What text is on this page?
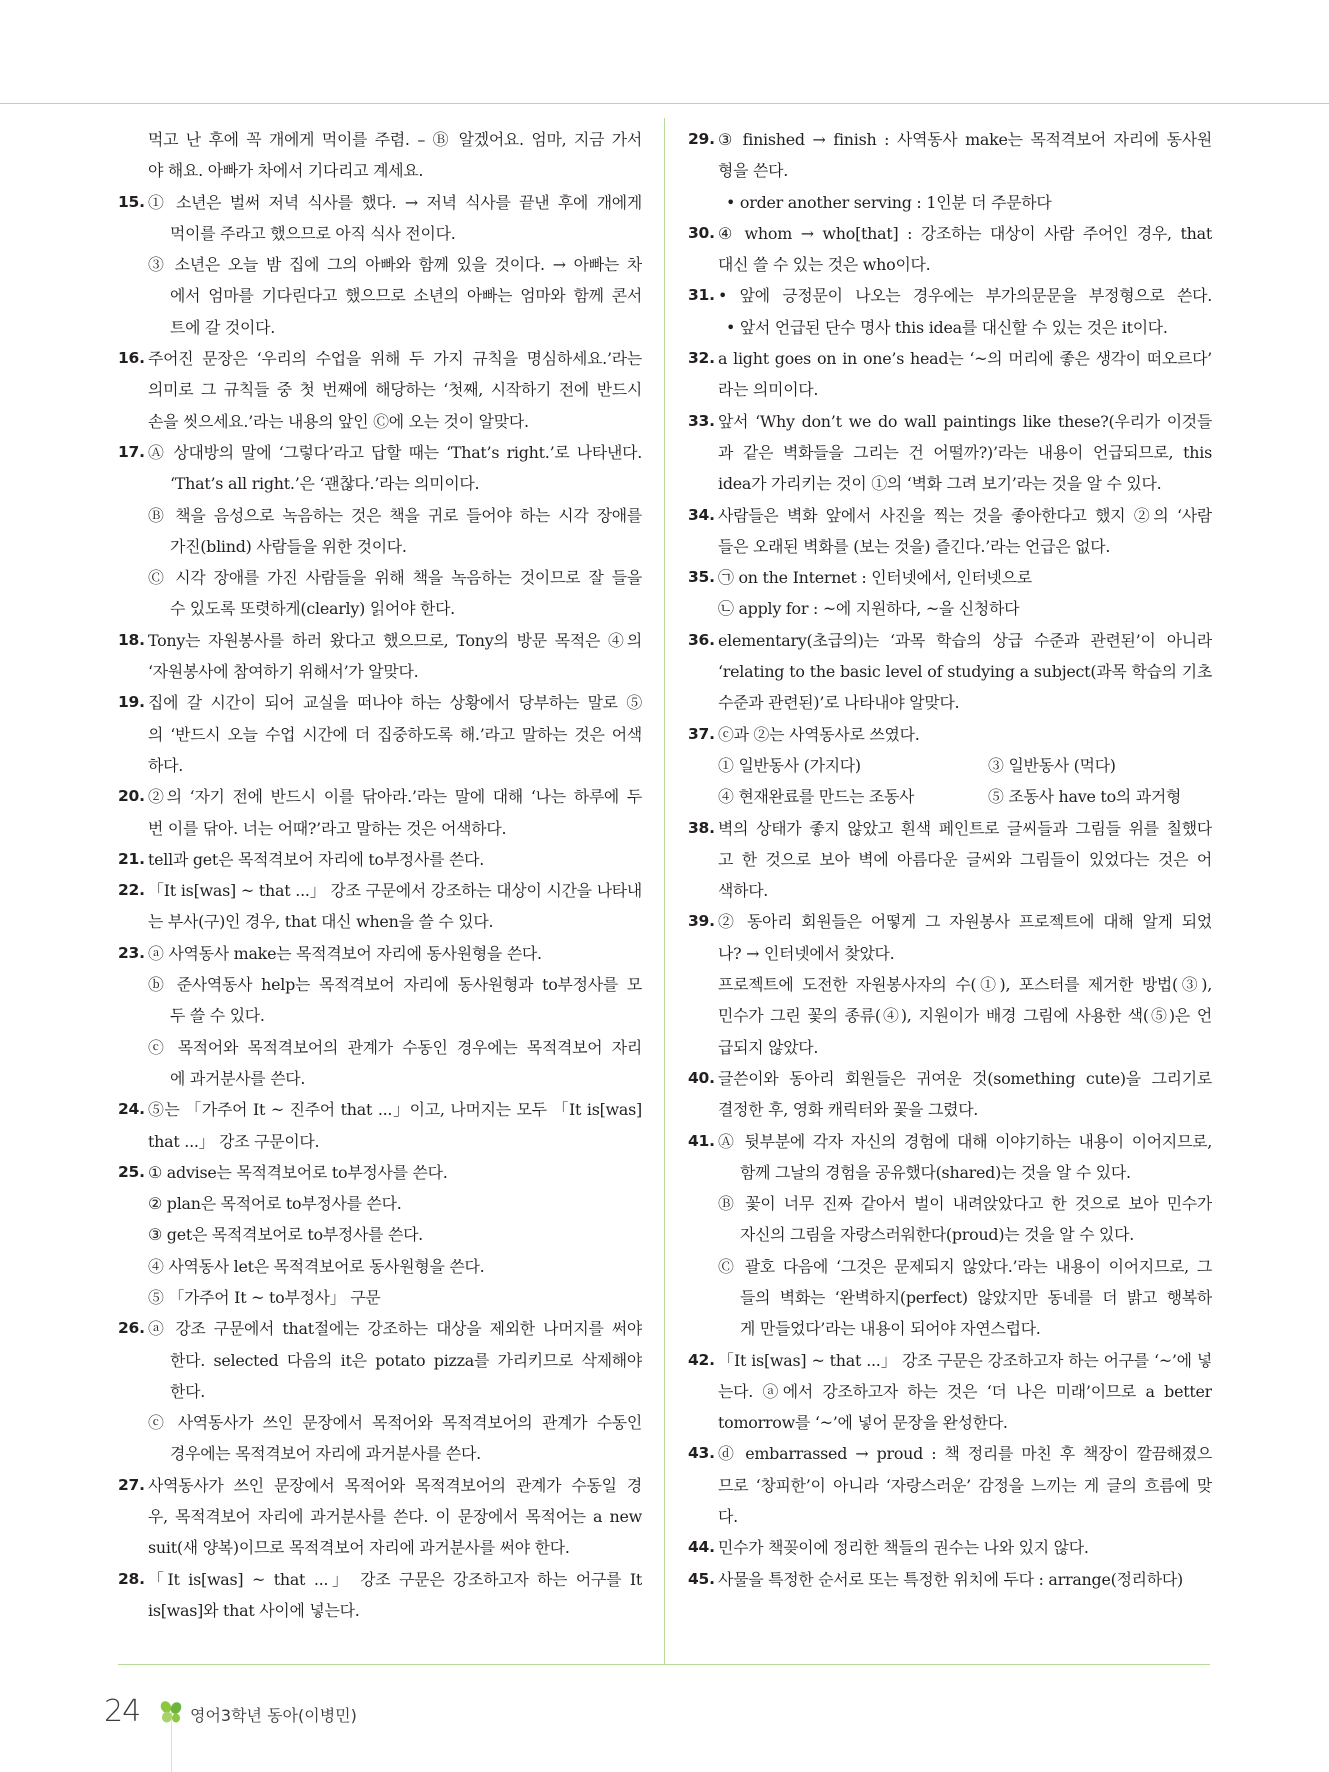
먹고 난 후에 꼭 개에게 먹이를 주렴. – Ⓑ 알겠어요. 엄마, 지금 가서
야 해요. 아빠가 차에서 기다리고 계세요.
15. ① 소년은 벌써 저녁 식사를 했다. → 저녁 식사를 끝낸 후에 개에게
먹이를 주라고 했으므로 아직 식사 전이다.
③ 소년은 오늘 밤 집에 그의 아빠와 함께 있을 것이다. → 아빠는 차
에서 엄마를 기다린다고 했으므로 소년의 아빠는 엄마와 함께 콘서
트에 갈 것이다.
16. 주어진 문장은 ‘우리의 수업을 위해 두 가지 규칙을 명심하세요.’라는
의미로 그 규칙들 중 첫 번째에 해당하는 ‘첫째, 시작하기 전에 반드시
손을 씻으세요.’라는 내용의 앞인 Ⓒ에 오는 것이 알맞다.
17. Ⓐ 상대방의 말에 ‘그렇다’라고 답할 때는 ‘That’s right.’로 나타낸다.
‘That’s all right.’은 ‘괜찮다.’라는 의미이다.
Ⓑ 책을 음성으로 녹음하는 것은 책을 귀로 들어야 하는 시각 장애를
가진(blind) 사람들을 위한 것이다.
Ⓒ 시각 장애를 가진 사람들을 위해 책을 녹음하는 것이므로 잘 들을
수 있도록 또렷하게(clearly) 읽어야 한다.
18. Tony는 자원봉사를 하러 왔다고 했으므로, Tony의 방문 목적은 ④의
‘자원봉사에 참여하기 위해서’가 알맞다.
19. 집에 갈 시간이 되어 교실을 떠나야 하는 상황에서 당부하는 말로 ⑤
의 ‘반드시 오늘 수업 시간에 더 집중하도록 해.’라고 말하는 것은 어색
하다.
20. ②의 ‘자기 전에 반드시 이를 닦아라.’라는 말에 대해 ‘나는 하루에 두
번 이를 닦아. 너는 어때?’라고 말하는 것은 어색하다.
21. tell과 get은 목적격보어 자리에 to부정사를 쓴다.
22. 「It is[was] ~ that ...」 강조 구문에서 강조하는 대상이 시간을 나타내
는 부사(구)인 경우, that 대신 when을 쓸 수 있다.
23. ⓐ 사역동사 make는 목적격보어 자리에 동사원형을 쓴다.
ⓑ 준사역동사 help는 목적격보어 자리에 동사원형과 to부정사를 모
두 쓸 수 있다.
ⓒ 목적어와 목적격보어의 관계가 수동인 경우에는 목적격보어 자리
에 과거분사를 쓴다.
24. ⑤는 「가주어 It ~ 진주어 that ...」이고, 나머지는 모두 「It is[was]
that ...」 강조 구문이다.
25. ① advise는 목적격보어로 to부정사를 쓴다.
② plan은 목적어로 to부정사를 쓴다.
③ get은 목적격보어로 to부정사를 쓴다.
④ 사역동사 let은 목적격보어로 동사원형을 쓴다.
⑤ 「가주어 It ~ to부정사」 구문
26. ⓐ 강조 구문에서 that절에는 강조하는 대상을 제외한 나머지를 써야
한다. selected 다음의 it은 potato pizza를 가리키므로 삭제해야
한다.
ⓒ 사역동사가 쓰인 문장에서 목적어와 목적격보어의 관계가 수동인
경우에는 목적격보어 자리에 과거분사를 쓴다.
27. 사역동사가 쓰인 문장에서 목적어와 목적격보어의 관계가 수동일 경
우, 목적격보어 자리에 과거분사를 쓴다. 이 문장에서 목적어는 a new
suit(새 양복)이므로 목적격보어 자리에 과거분사를 써야 한다.
28. 「It is[was] ~ that ...」 강조 구문은 강조하고자 하는 어구를 It
is[was]와 that 사이에 넣는다.
29. ③ finished → finish : 사역동사 make는 목적격보어 자리에 동사원
형을 쓴다.
• order another serving : 1인분 더 주문하다
30. ④ whom → who[that] : 강조하는 대상이 사람 주어인 경우, that
대신 쓸 수 있는 것은 who이다.
31. • 앞에 긍정문이 나오는 경우에는 부가의문문을 부정형으로 쓴다.
• 앞서 언급된 단수 명사 this idea를 대신할 수 있는 것은 it이다.
32. a light goes on in one’s head는 ‘~의 머리에 좋은 생각이 떠오르다’
라는 의미이다.
33. 앞서 ‘Why don’t we do wall paintings like these?(우리가 이것들
과 같은 벽화들을 그리는 건 어떨까?)’라는 내용이 언급되므로, this
idea가 가리키는 것이 ①의 ‘벽화 그려 보기’라는 것을 알 수 있다.
34. 사람들은 벽화 앞에서 사진을 찍는 것을 좋아한다고 했지 ②의 ‘사람
들은 오래된 벽화를 (보는 것을) 즐긴다.’라는 언급은 없다.
35. ㉠ on the Internet : 인터넷에서, 인터넷으로
㉡ apply for : ~에 지원하다, ~을 신청하다
36. elementary(초급의)는 ‘과목 학습의 상급 수준과 관련된’이 아니라
‘relating to the basic level of studying a subject(과목 학습의 기초
수준과 관련된)’로 나타내야 알맞다.
37. ⓒ과 ②는 사역동사로 쓰였다.
① 일반동사 (가지다)	③ 일반동사 (먹다)
④ 현재완료를 만드는 조동사	⑤ 조동사 have to의 과거형
38. 벽의 상태가 좋지 않았고 흰색 페인트로 글씨들과 그림들 위를 칠했다
고 한 것으로 보아 벽에 아름다운 글씨와 그림들이 있었다는 것은 어
색하다.
39. ② 동아리 회원들은 어떻게 그 자원봉사 프로젝트에 대해 알게 되었
나? → 인터넷에서 찾았다.
프로젝트에 도전한 자원봉사자의 수(①), 포스터를 제거한 방법(③),
민수가 그린 꽃의 종류(④), 지원이가 배경 그림에 사용한 색(⑤)은 언
급되지 않았다.
40. 글쓴이와 동아리 회원들은 귀여운 것(something cute)을 그리기로
결정한 후, 영화 캐릭터와 꽃을 그렸다.
41. Ⓐ 뒷부분에 각자 자신의 경험에 대해 이야기하는 내용이 이어지므로,
함께 그날의 경험을 공유했다(shared)는 것을 알 수 있다.
Ⓑ 꽃이 너무 진짜 같아서 벌이 내려앉았다고 한 것으로 보아 민수가
자신의 그림을 자랑스러워한다(proud)는 것을 알 수 있다.
Ⓒ 괄호 다음에 ‘그것은 문제되지 않았다.’라는 내용이 이어지므로, 그
들의 벽화는 ‘완벽하지(perfect) 않았지만 동네를 더 밝고 행복하
게 만들었다’라는 내용이 되어야 자연스럽다.
42. 「It is[was] ~ that ...」 강조 구문은 강조하고자 하는 어구를 ‘~’에 넣
는다. ⓐ에서 강조하고자 하는 것은 ‘더 나은 미래’이므로 a better
tomorrow를 ‘~’에 넣어 문장을 완성한다.
43. ⓓ embarrassed → proud : 책 정리를 마친 후 책장이 깔끔해졌으
므로 ‘창피한’이 아니라 ‘자랑스러운’ 감정을 느끼는 게 글의 흐름에 맞
다.
44. 민수가 책꽂이에 정리한 책들의 권수는 나와 있지 않다.
45. 사물을 특정한 순서로 또는 특정한 위치에 두다 : arrange(정리하다)
24	영어3학년 동아(이병민)
